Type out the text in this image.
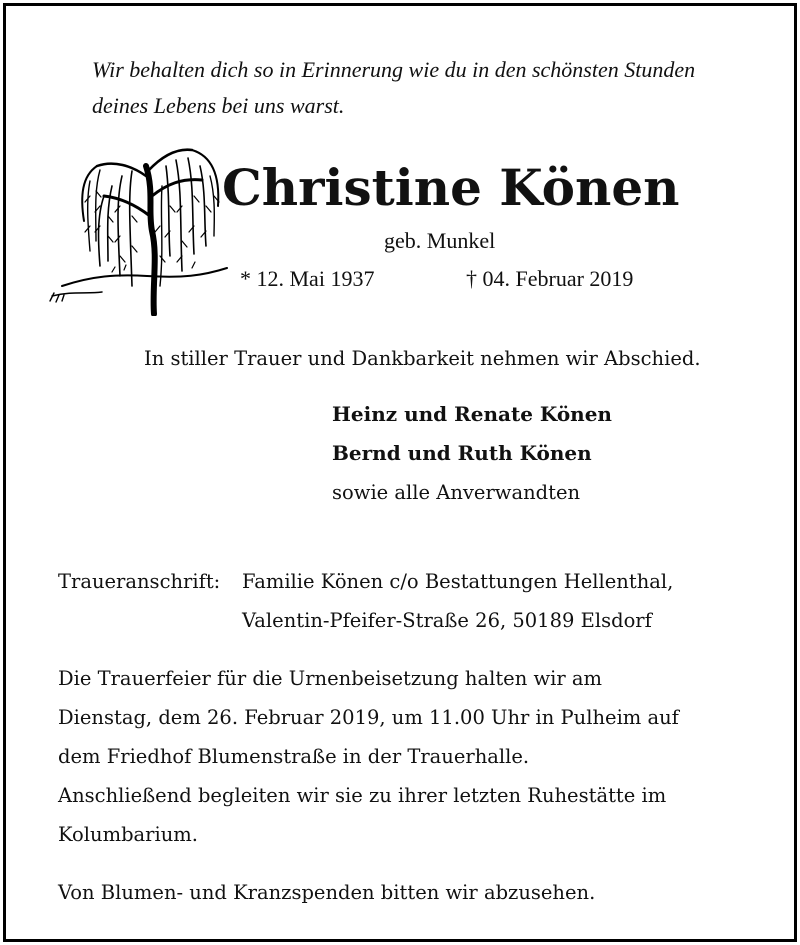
Wir behalten dich so in Erinnerung wie du in den schönsten Stunden
deines Lebens bei uns warst.
Christine Könen
geb. Munkel
* 12. Mai 1937	† 04. Februar 2019
In stiller Trauer und Dankbarkeit nehmen wir Abschied.
Heinz und Renate Könen
Bernd und Ruth Könen
sowie alle Anverwandten
Traueranschrift: Familie Könen c/o Bestattungen Hellenthal,
Valentin-Pfeifer-Straße 26, 50189 Elsdorf
Die Trauerfeier für die Urnenbeisetzung halten wir am
Dienstag, dem 26. Februar 2019, um 11.00 Uhr in Pulheim auf
dem Friedhof Blumenstraße in der Trauerhalle.
Anschließend begleiten wir sie zu ihrer letzten Ruhestätte im
Kolumbarium.
Von Blumen- und Kranzspenden bitten wir abzusehen.
